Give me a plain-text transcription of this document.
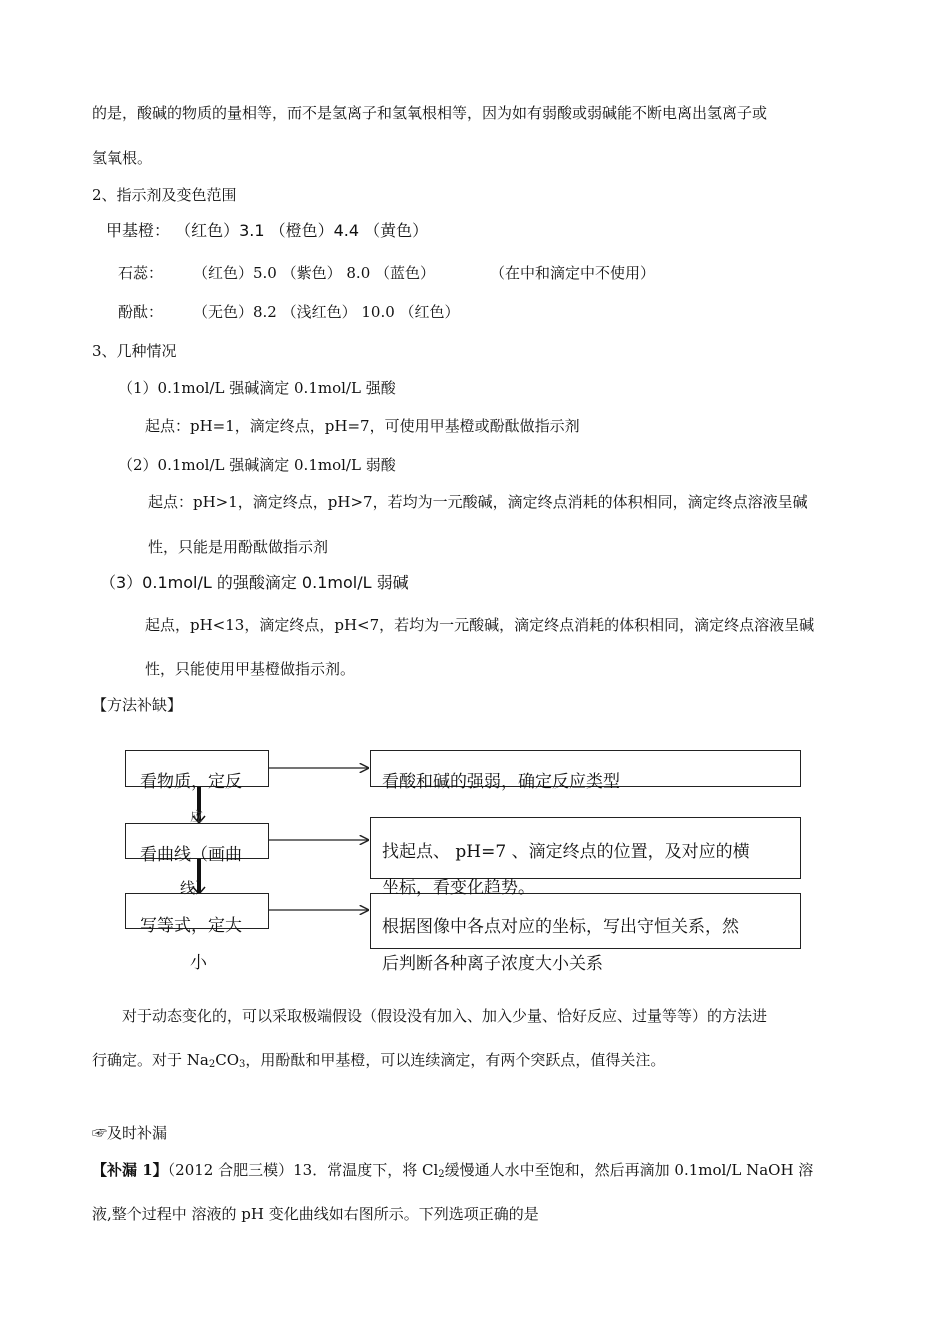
的是，酸碱的物质的量相等，而不是氢离子和氢氧根相等，因为如有弱酸或弱碱能不断电离出氢离子或
氢氧根。
2、指示剂及变色范围
甲基橙： （红色）3.1 （橙色）4.4 （黄色）
石蕊： （红色）5.0 （紫色） 8.0 （蓝色）	（在中和滴定中不使用）
酚酞： （无色）8.2 （浅红色） 10.0 （红色）
3、几种情况
（1）0.1mol/L 强碱滴定 0.1mol/L 强酸
起点：pH=1，滴定终点，pH=7，可使用甲基橙或酚酞做指示剂
（2）0.1mol/L 强碱滴定 0.1mol/L 弱酸
起点：pH>1，滴定终点，pH>7，若均为一元酸碱，滴定终点消耗的体积相同，滴定终点溶液呈碱
性，只能是用酚酞做指示剂
（3）0.1mol/L 的强酸滴定 0.1mol/L 弱碱
起点，pH<13，滴定终点，pH<7，若均为一元酸碱，滴定终点消耗的体积相同，滴定终点溶液呈碱
性，只能使用甲基橙做指示剂。
【方法补缺】
看物质，定反
应
看曲线（画曲
线）
写等式，定大
小
看酸和碱的强弱，确定反应类型
找起点、 pH=7 、滴定终点的位置，及对应的横
坐标，看变化趋势。
根据图像中各点对应的坐标，写出守恒关系，然
后判断各种离子浓度大小关系
对于动态变化的，可以采取极端假设（假设没有加入、加入少量、恰好反应、过量等等）的方法进
行确定。对于 $Na_2CO_3$，用酚酞和甲基橙，可以连续滴定，有两个突跃点，值得关注。
☞及时补漏
【补漏 1】（2012 合肥三模）13．常温度下，将 $Cl_2$缓慢通人水中至饱和，然后再滴加 0.1mol/L NaOH 溶
液,整个过程中 溶液的 pH 变化曲线如右图所示。下列选项正确的是
